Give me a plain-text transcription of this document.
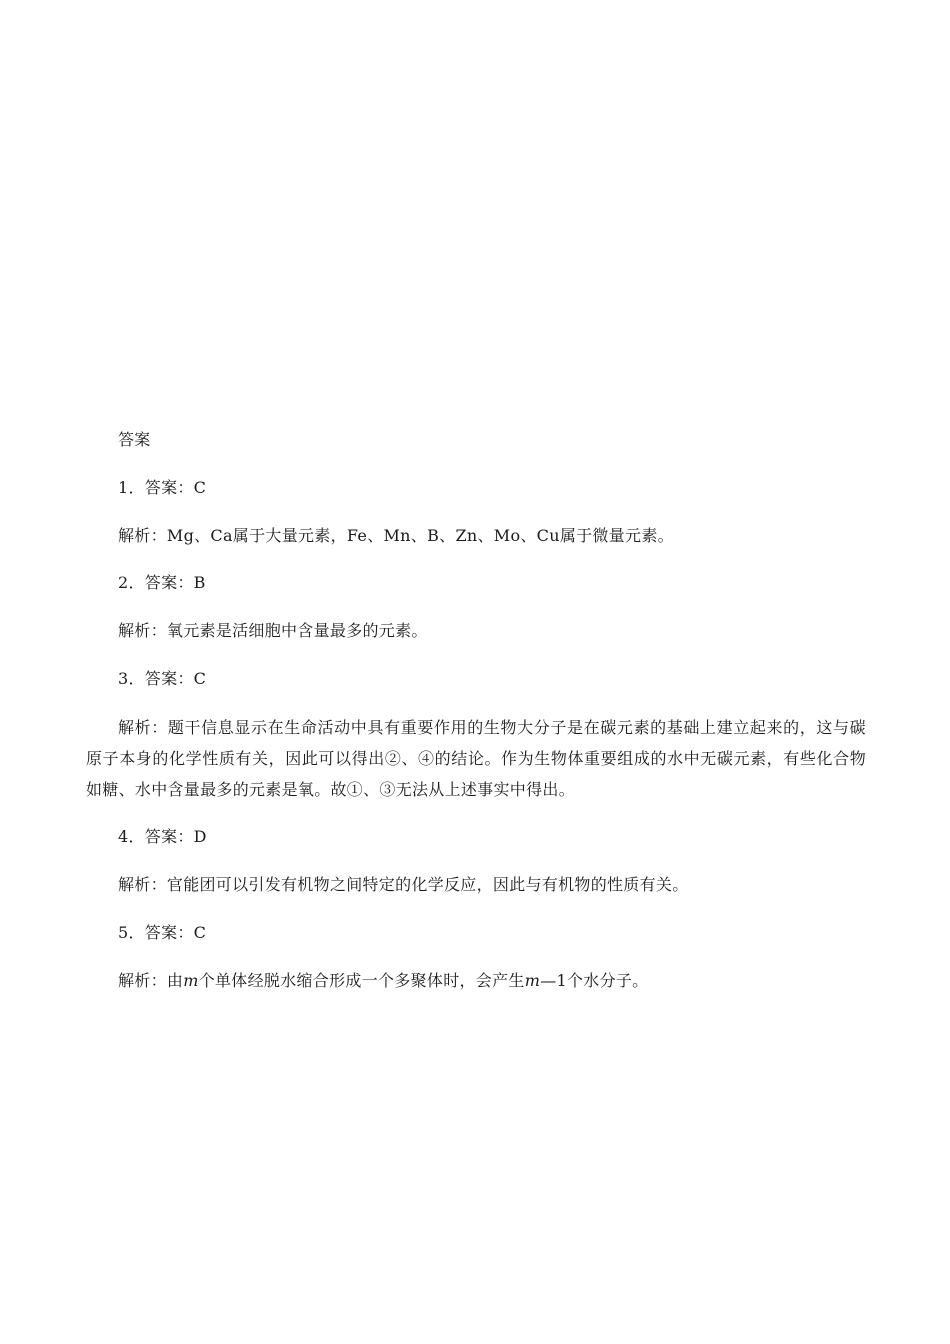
答案
1．答案：C
解析：Mg、Ca属于大量元素，Fe、Mn、B、Zn、Mo、Cu属于微量元素。
2．答案：B
解析：氧元素是活细胞中含量最多的元素。
3．答案：C
解析：题干信息显示在生命活动中具有重要作用的生物大分子是在碳元素的基础上建立起来的，这与碳原子本身的化学性质有关，因此可以得出②、④的结论。作为生物体重要组成的水中无碳元素，有些化合物如糖、水中含量最多的元素是氧。故①、③无法从上述事实中得出。
4．答案：D
解析：官能团可以引发有机物之间特定的化学反应，因此与有机物的性质有关。
5．答案：C
解析：由m个单体经脱水缩合形成一个多聚体时，会产生m—1个水分子。
